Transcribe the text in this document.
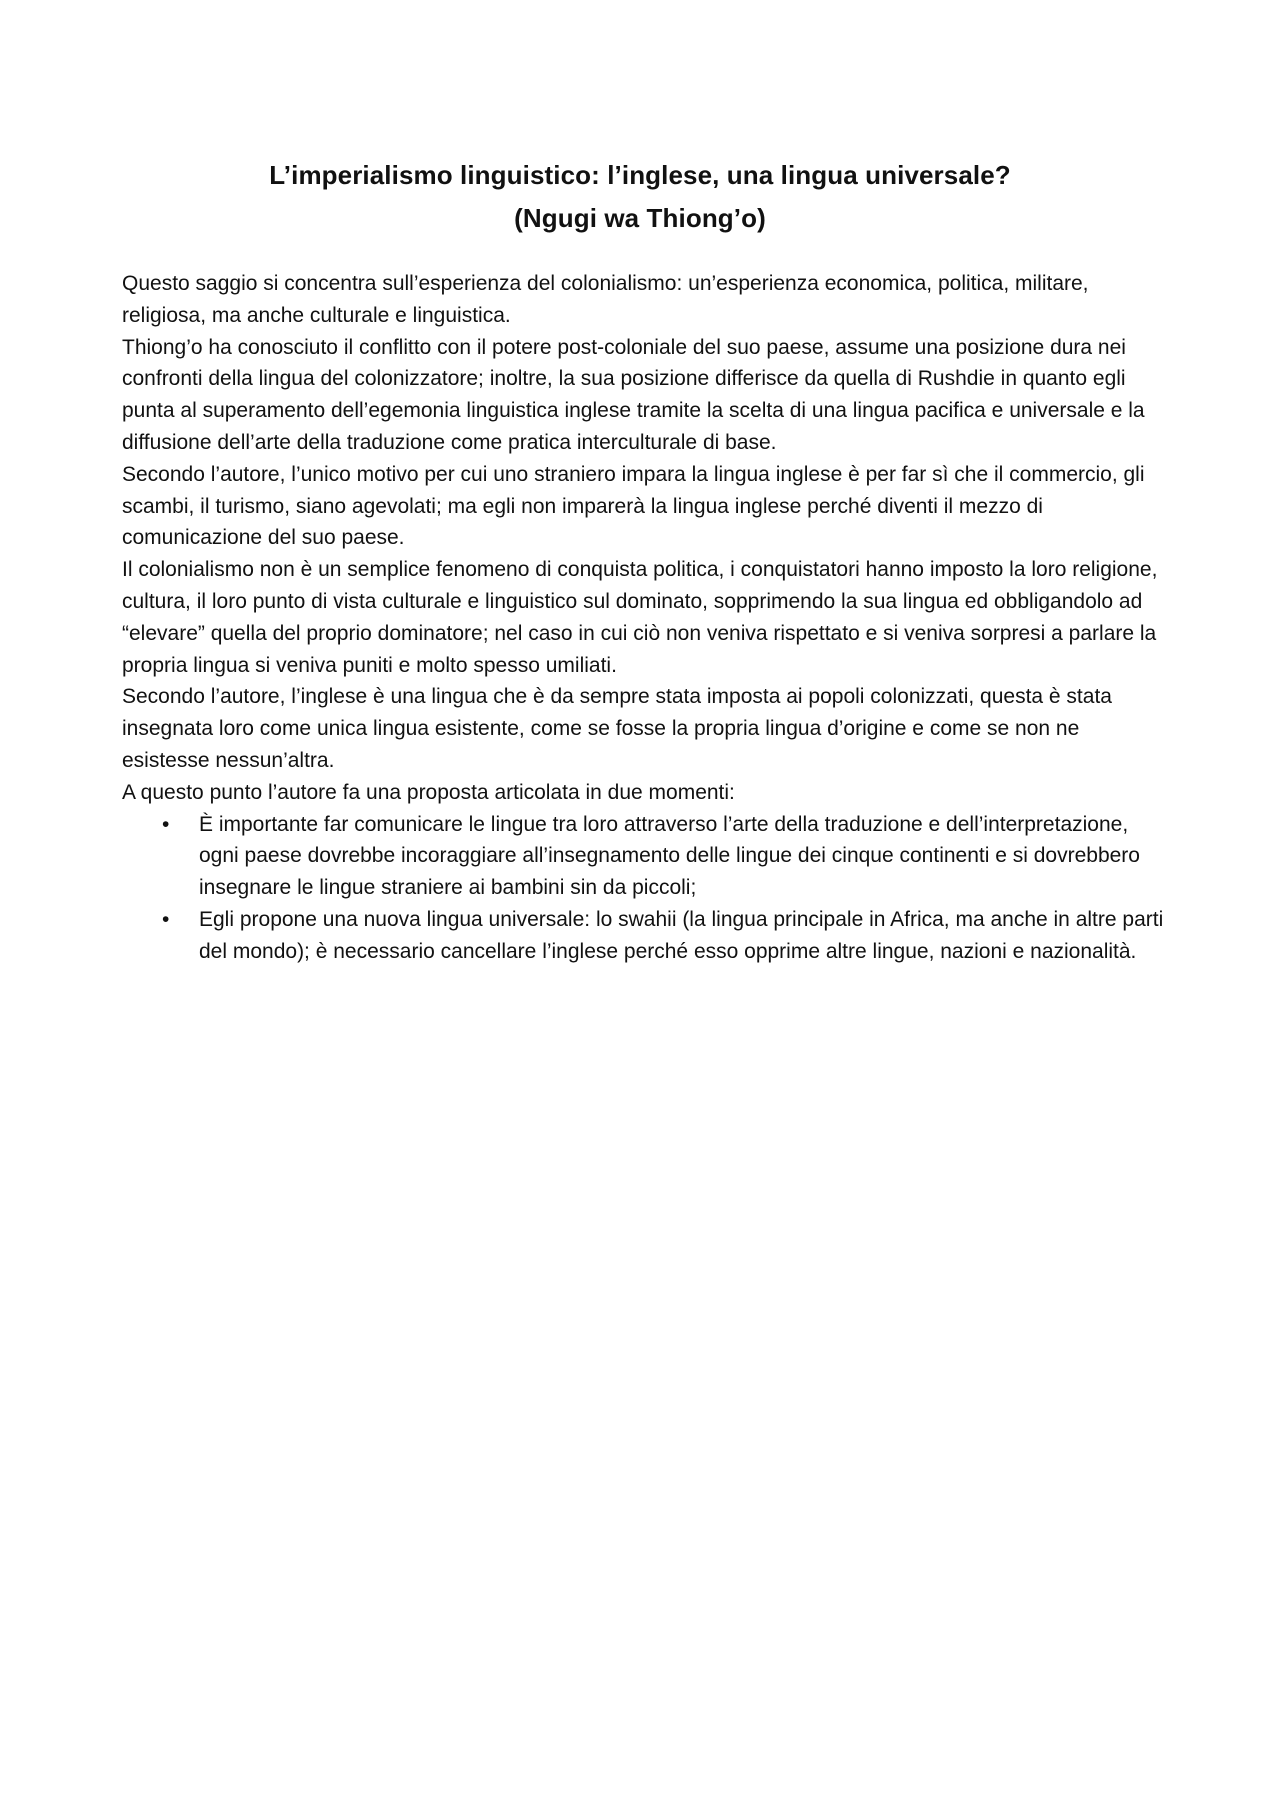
L’imperialismo linguistico: l’inglese, una lingua universale?
(Ngugi wa Thiong’o)

Questo saggio si concentra sull’esperienza del colonialismo: un’esperienza economica, politica, militare, religiosa, ma anche culturale e linguistica.

Thiong’o ha conosciuto il conflitto con il potere post-coloniale del suo paese, assume una posizione dura nei confronti della lingua del colonizzatore; inoltre, la sua posizione differisce da quella di Rushdie in quanto egli punta al superamento dell’egemonia linguistica inglese tramite la scelta di una lingua pacifica e universale e la diffusione dell’arte della traduzione come pratica interculturale di base.

Secondo l’autore, l’unico motivo per cui uno straniero impara la lingua inglese è per far sì che il commercio, gli scambi, il turismo, siano agevolati; ma egli non imparerà la lingua inglese perché diventi il mezzo di comunicazione del suo paese.

Il colonialismo non è un semplice fenomeno di conquista politica, i conquistatori hanno imposto la loro religione, cultura, il loro punto di vista culturale e linguistico sul dominato, sopprimendo la sua lingua ed obbligandolo ad “elevare” quella del proprio dominatore; nel caso in cui ciò non veniva rispettato e si veniva sorpresi a parlare la propria lingua si veniva puniti e molto spesso umiliati.

Secondo l’autore, l’inglese è una lingua che è da sempre stata imposta ai popoli colonizzati, questa è stata insegnata loro come unica lingua esistente, come se fosse la propria lingua d’origine e come se non ne esistesse nessun’altra.

A questo punto l’autore fa una proposta articolata in due momenti:

• È importante far comunicare le lingue tra loro attraverso l’arte della traduzione e dell’interpretazione, ogni paese dovrebbe incoraggiare all’insegnamento delle lingue dei cinque continenti e si dovrebbero insegnare le lingue straniere ai bambini sin da piccoli;
• Egli propone una nuova lingua universale: lo swahii (la lingua principale in Africa, ma anche in altre parti del mondo); è necessario cancellare l’inglese perché esso opprime altre lingue, nazioni e nazionalità.
